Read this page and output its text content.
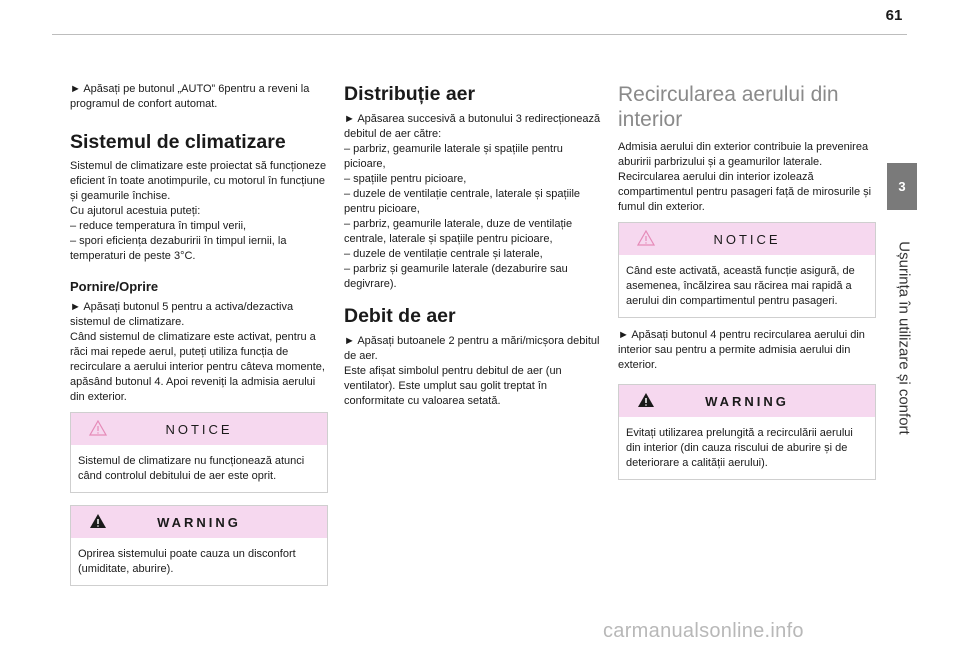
61
3
Ușurința în utilizare și confort

► Apăsați pe butonul „AUTO” 6pentru a reveni la programul de confort automat.

Sistemul de climatizare

Sistemul de climatizare este proiectat să funcționeze eficient în toate anotimpurile, cu motorul în funcțiune și geamurile închise.

Cu ajutorul acestuia puteți:

– reduce temperatura în timpul verii,

– spori eficiența dezaburirii în timpul iernii, la temperaturi de peste 3°C.

Pornire/Oprire

► Apăsați butonul 5 pentru a activa/dezactiva sistemul de climatizare.

Când sistemul de climatizare este activat, pentru a răci mai repede aerul, puteți utiliza funcția de recirculare a aerului interior pentru câteva momente, apăsând butonul 4. Apoi reveniți la admisia aerului din exterior.

NOTICE

Sistemul de climatizare nu funcționează atunci când controlul debitului de aer este oprit.

WARNING

Oprirea sistemului poate cauza un disconfort (umiditate, aburire).

Distribuție aer

► Apăsarea succesivă a butonului 3 redirecționează debitul de aer către:

– parbriz, geamurile laterale și spațiile pentru picioare,

– spațiile pentru picioare,

– duzele de ventilație centrale, laterale și spațiile pentru picioare,

– parbriz, geamurile laterale, duze de ventilație centrale, laterale și spațiile pentru picioare,

– duzele de ventilație centrale și laterale,

– parbriz și geamurile laterale (dezaburire sau degivrare).

Debit de aer

► Apăsați butoanele 2 pentru a mări/micșora debitul de aer.

Este afișat simbolul pentru debitul de aer (un ventilator). Este umplut sau golit treptat în conformitate cu valoarea setată.

Recircularea aerului din interior

Admisia aerului din exterior contribuie la prevenirea aburirii parbrizului și a geamurilor laterale.

Recircularea aerului din interior izolează compartimentul pentru pasageri față de mirosurile și fumul din exterior.

NOTICE

Când este activată, această funcție asigură, de asemenea, încălzirea sau răcirea mai rapidă a aerului din compartimentul pentru pasageri.

► Apăsați butonul 4 pentru recircularea aerului din interior sau pentru a permite admisia aerului din exterior.

WARNING

Evitați utilizarea prelungită a recirculării aerului din interior (din cauza riscului de aburire și de deteriorare a calității aerului).

carmanualsonline.info
